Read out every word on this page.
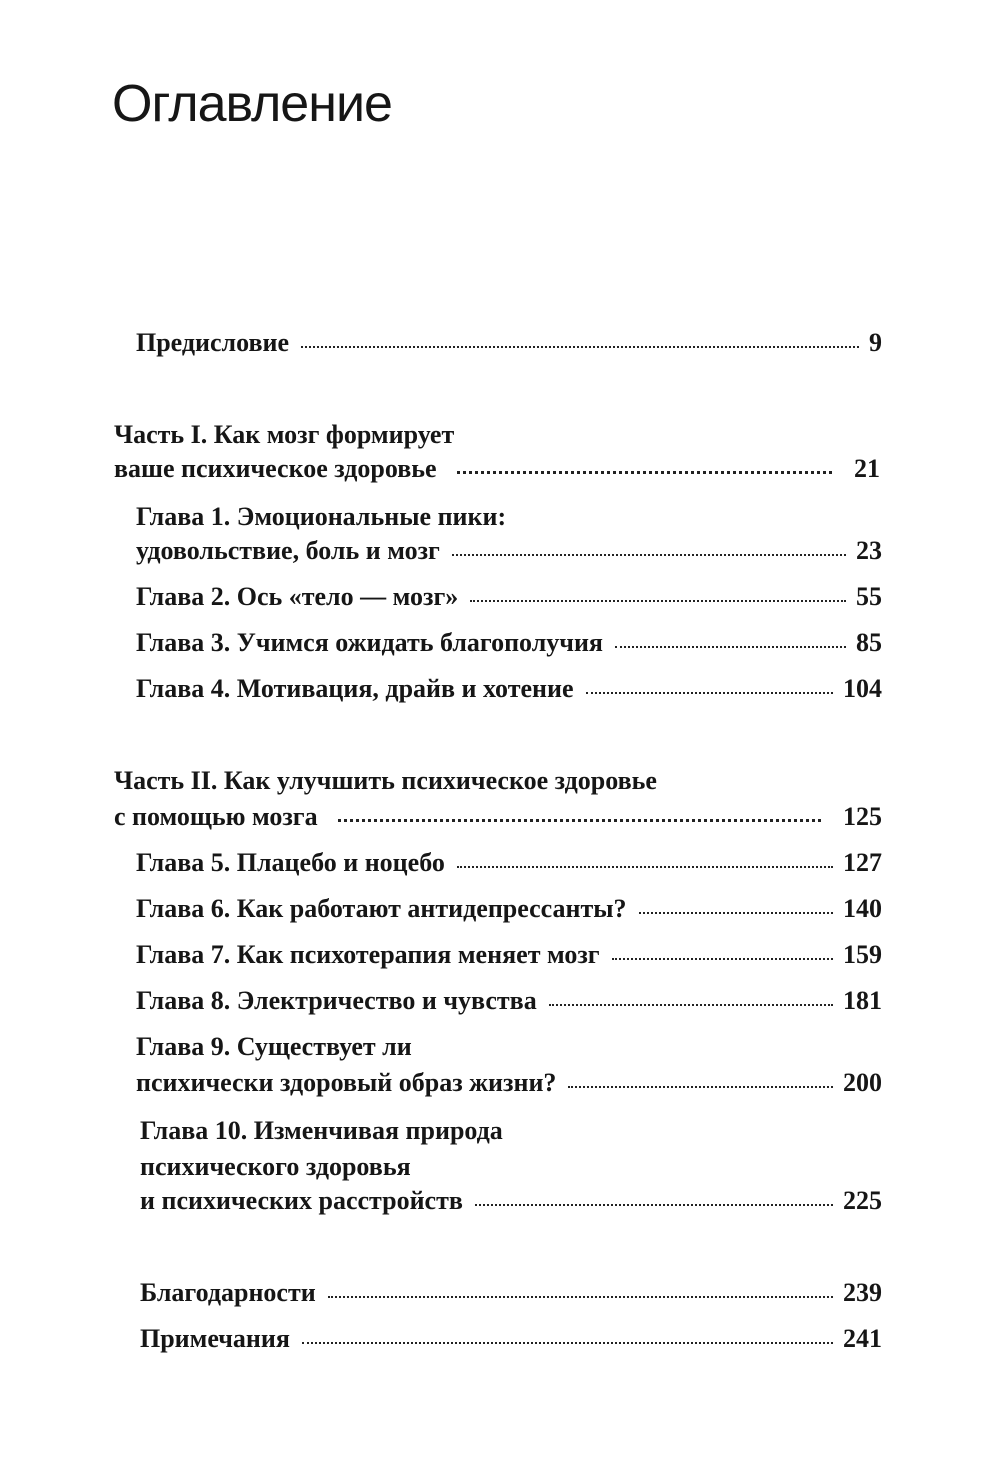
Оглавление
Предисловие	9
Часть I. Как мозг формирует
ваше психическое здоровье	21
Глава 1. Эмоциональные пики:
удовольствие, боль и мозг	23
Глава 2. Ось «тело — мозг»	55
Глава 3. Учимся ожидать благополучия	85
Глава 4. Мотивация, драйв и хотение	104
Часть II. Как улучшить психическое здоровье
с помощью мозга	125
Глава 5. Плацебо и ноцебо	127
Глава 6. Как работают антидепрессанты?	140
Глава 7. Как психотерапия меняет мозг	159
Глава 8. Электричество и чувства	181
Глава 9. Существует ли
психически здоровый образ жизни?	200
Глава 10. Изменчивая природа
психического здоровья
и психических расстройств	225
Благодарности	239
Примечания	241
